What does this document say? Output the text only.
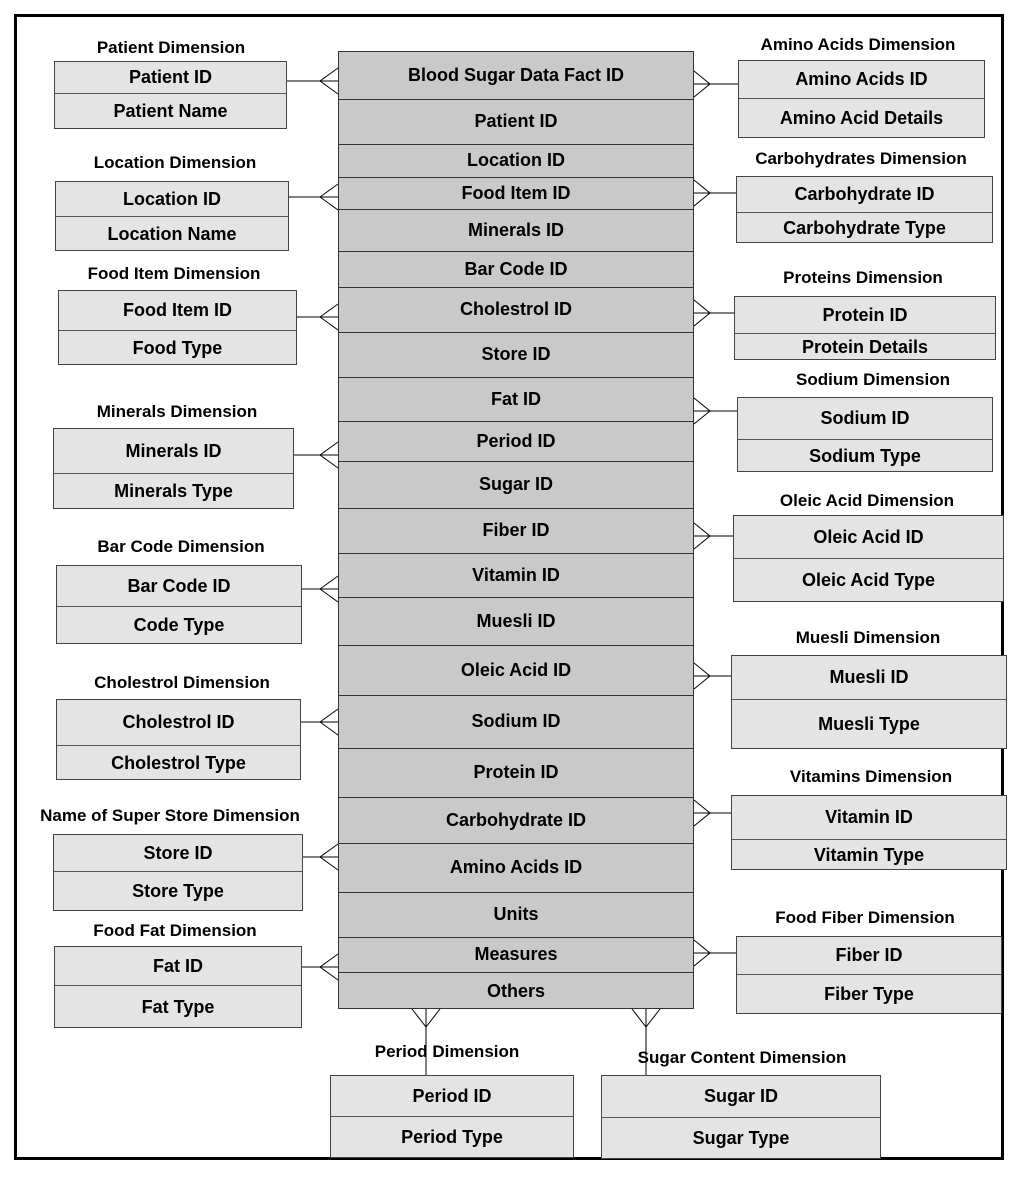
Blood Sugar Data Fact ID
Patient ID
Location ID
Food Item ID
Minerals ID
Bar Code ID
Cholestrol ID
Store ID
Fat ID
Period ID
Sugar ID
Fiber ID
Vitamin ID
Muesli ID
Oleic Acid ID
Sodium ID
Protein ID
Carbohydrate ID
Amino Acids ID
Units
Measures
Others
Patient Dimension
Patient ID
Patient Name
Location Dimension
Location ID
Location Name
Food Item Dimension
Food Item ID
Food Type
Minerals Dimension
Minerals ID
Minerals Type
Bar Code Dimension
Bar Code ID
Code Type
Cholestrol Dimension
Cholestrol ID
Cholestrol Type
Name of Super Store Dimension
Store ID
Store Type
Food Fat Dimension
Fat ID
Fat Type
Amino Acids Dimension
Amino Acids ID
Amino Acid Details
Carbohydrates Dimension
Carbohydrate ID
Carbohydrate Type
Proteins Dimension
Protein ID
Protein Details
Sodium Dimension
Sodium ID
Sodium Type
Oleic Acid Dimension
Oleic Acid ID
Oleic Acid Type
Muesli Dimension
Muesli ID
Muesli Type
Vitamins Dimension
Vitamin ID
Vitamin Type
Food Fiber Dimension
Fiber ID
Fiber Type
Period Dimension
Period ID
Period Type
Sugar Content Dimension
Sugar ID
Sugar Type
